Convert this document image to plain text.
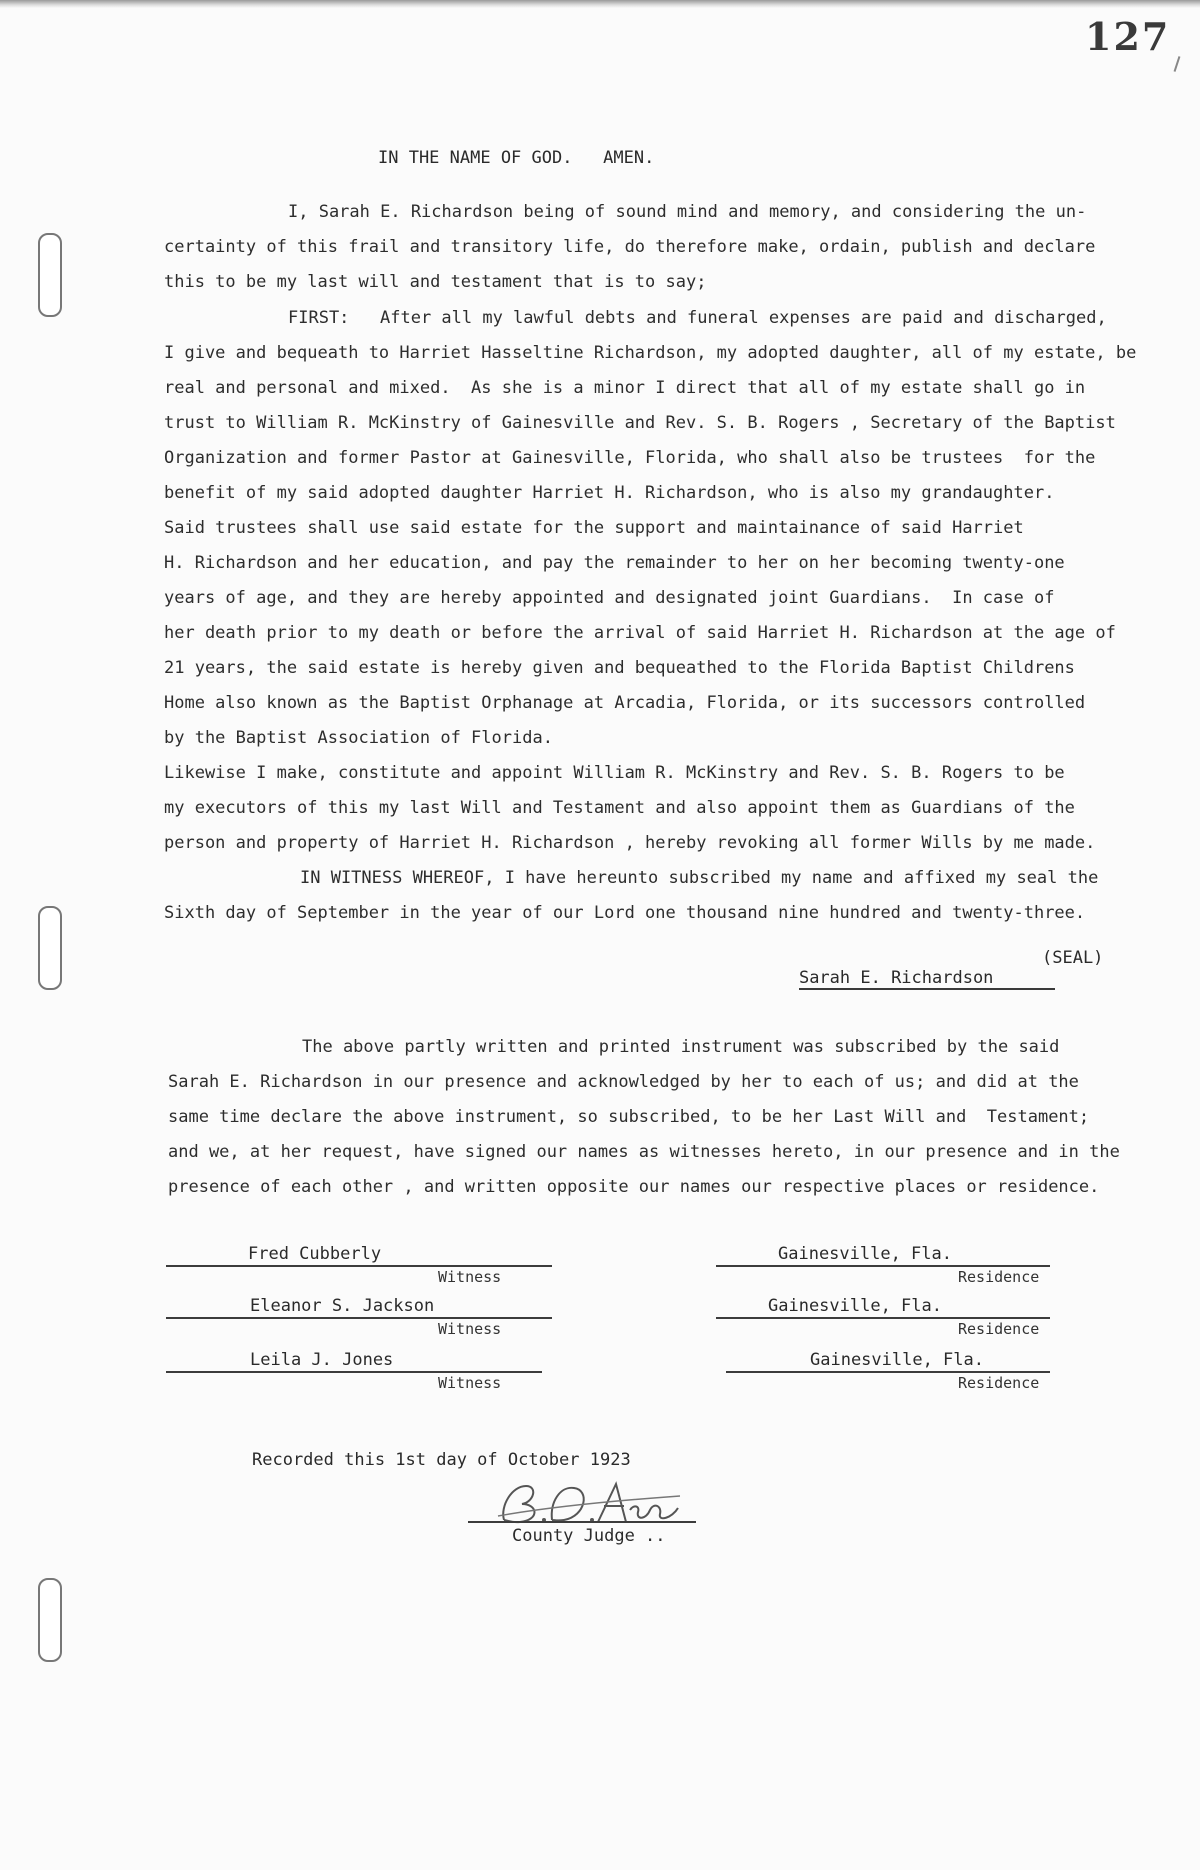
127
IN THE NAME OF GOD.   AMEN.
I, Sarah E. Richardson being of sound mind and memory, and considering the un-
certainty of this frail and transitory life, do therefore make, ordain, publish and declare
this to be my last will and testament that is to say;
FIRST: After all my lawful debts and funeral expenses are paid and discharged,
I give and bequeath to Harriet Hasseltine Richardson, my adopted daughter, all of my estate, be
real and personal and mixed.  As she is a minor I direct that all of my estate shall go in
trust to William R. McKinstry of Gainesville and Rev. S. B. Rogers , Secretary of the Baptist
Organization and former Pastor at Gainesville, Florida, who shall also be trustees  for the
benefit of my said adopted daughter Harriet H. Richardson, who is also my grandaughter.
Said trustees shall use said estate for the support and maintainance of said Harriet
H. Richardson and her education, and pay the remainder to her on her becoming twenty-one
years of age, and they are hereby appointed and designated joint Guardians.  In case of
her death prior to my death or before the arrival of said Harriet H. Richardson at the age of
21 years, the said estate is hereby given and bequeathed to the Florida Baptist Childrens
Home also known as the Baptist Orphanage at Arcadia, Florida, or its successors controlled
by the Baptist Association of Florida.
Likewise I make, constitute and appoint William R. McKinstry and Rev. S. B. Rogers to be
my executors of this my last Will and Testament and also appoint them as Guardians of the
person and property of Harriet H. Richardson , hereby revoking all former Wills by me made.
IN WITNESS WHEREOF, I have hereunto subscribed my name and affixed my seal the
Sixth day of September in the year of our Lord one thousand nine hundred and twenty-three.

Sarah E. Richardson

(SEAL)
The above partly written and printed instrument was subscribed by the said
Sarah E. Richardson in our presence and acknowledged by her to each of us; and did at the
same time declare the above instrument, so subscribed, to be her Last Will and  Testament;
and we, at her request, have signed our names as witnesses hereto, in our presence and in the
presence of each other , and written opposite our names our respective places or residence.
Fred Cubberly
Witness
Gainesville, Fla.
Residence
Eleanor S. Jackson
Witness
Gainesville, Fla.
Residence
Leila J. Jones
Witness
Gainesville, Fla.
Residence
Recorded this 1st day of October 1923
County Judge ..
